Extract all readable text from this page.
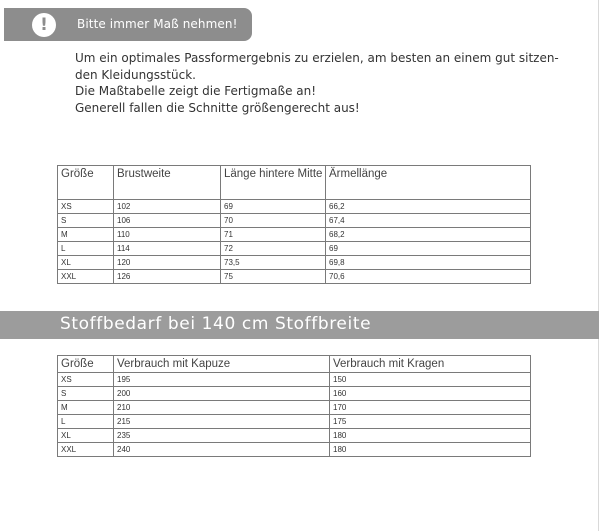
!	Bitte immer Maß nehmen!
Um ein optimales Passformergebnis zu erzielen, am besten an einem gut sitzen-
den Kleidungsstück.
Die Maßtabelle zeigt die Fertigmaße an!
Generell fallen die Schnitte größengerecht aus!
Größe	Brustweite	Länge hintere Mitte	Ärmellänge
XS	102	69	66,2
S	106	70	67,4
M	110	71	68,2
L	114	72	69
XL	120	73,5	69,8
XXL	126	75	70,6
Stoffbedarf bei 140 cm Stoffbreite
Größe	Verbrauch mit Kapuze	Verbrauch mit Kragen
XS	195	150
S	200	160
M	210	170
L	215	175
XL	235	180
XXL	240	180
